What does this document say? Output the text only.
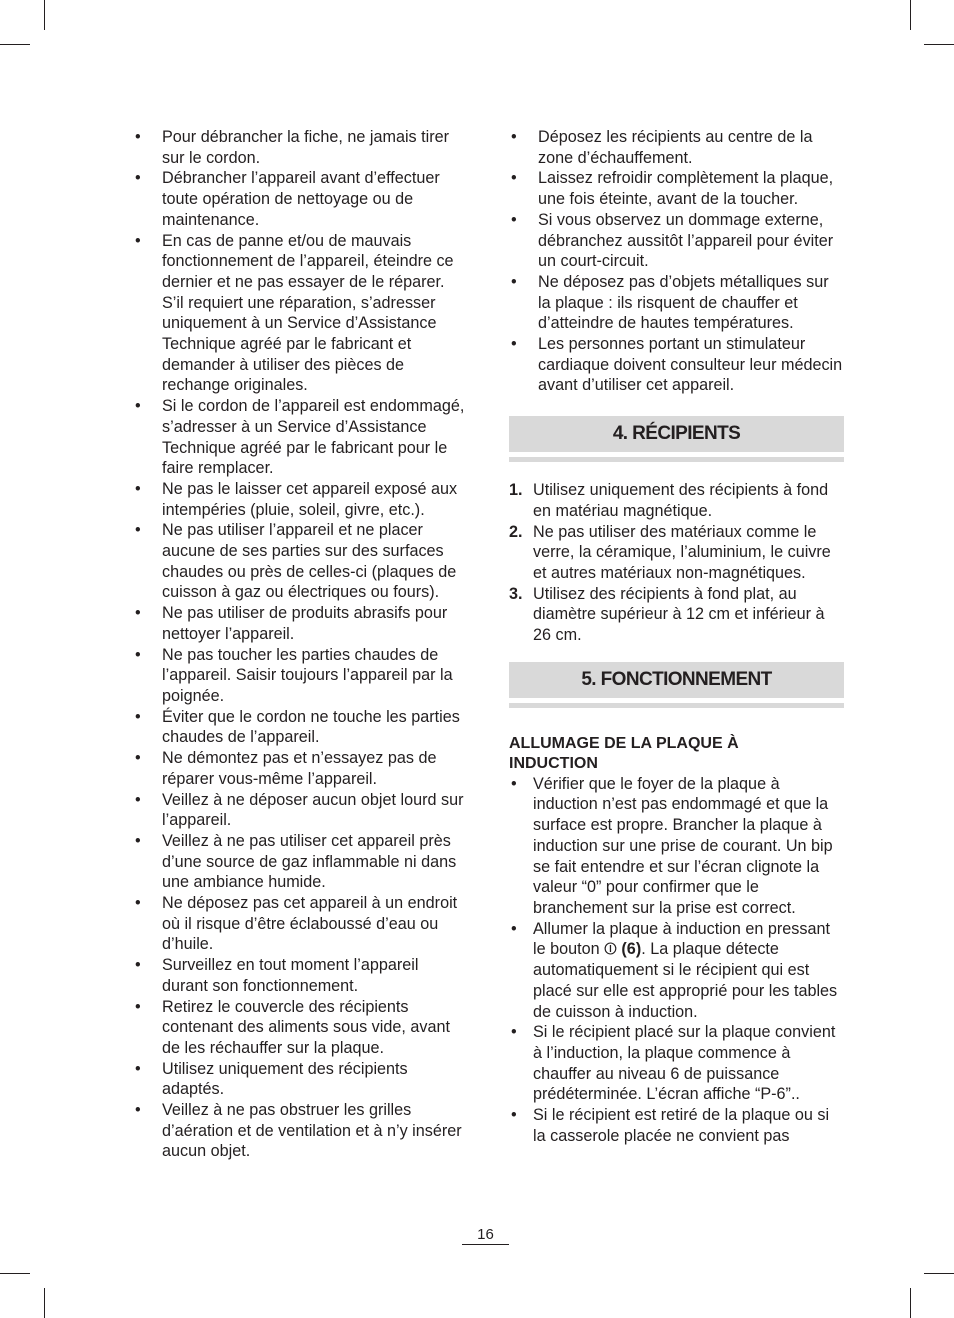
• Pour débrancher la fiche, ne jamais tirer sur le cordon.
• Débrancher l’appareil avant d’effectuer toute opération de nettoyage ou de maintenance.
• En cas de panne et/ou de mauvais fonctionnement de l’appareil, éteindre ce dernier et ne pas essayer de le réparer. S’il requiert une réparation, s’adresser uniquement à un Service d’Assistance Technique agréé par le fabricant et demander à utiliser des pièces de rechange originales.
• Si le cordon de l’appareil est endommagé, s’adresser à un Service d’Assistance Technique agréé par le fabricant pour le faire remplacer.
• Ne pas le laisser cet appareil exposé aux intempéries (pluie, soleil, givre, etc.).
• Ne pas utiliser l’appareil et ne placer aucune de ses parties sur des surfaces chaudes ou près de celles-ci (plaques de cuisson à gaz ou électriques ou fours).
• Ne pas utiliser de produits abrasifs pour nettoyer l’appareil.
• Ne pas toucher les parties chaudes de l’appareil. Saisir toujours l’appareil par la poignée.
• Éviter que le cordon ne touche les parties chaudes de l’appareil.
• Ne démontez pas et n’essayez pas de réparer vous-même l’appareil.
• Veillez à ne déposer aucun objet lourd sur l’appareil.
• Veillez à ne pas utiliser cet appareil près d’une source de gaz inflammable ni dans une ambiance humide.
• Ne déposez pas cet appareil à un endroit où il risque d’être éclaboussé d’eau ou d’huile.
• Surveillez en tout moment l’appareil durant son fonctionnement.
• Retirez le couvercle des récipients contenant des aliments sous vide, avant de les réchauffer sur la plaque.
• Utilisez uniquement des récipients adaptés.
• Veillez à ne pas obstruer les grilles d’aération et de ventilation et à n’y insérer aucun objet.
• Déposez les récipients au centre de la zone d’échauffement.
• Laissez refroidir complètement la plaque, une fois éteinte, avant de la toucher.
• Si vous observez un dommage externe, débranchez aussitôt l’appareil pour éviter un court-circuit.
• Ne déposez pas d’objets métalliques sur la plaque : ils risquent de chauffer et d’atteindre de hautes températures.
• Les personnes portant un stimulateur cardiaque doivent consulteur leur médecin avant d’utiliser cet appareil.
4. RÉCIPIENTS
1. Utilisez uniquement des récipients à fond en matériau magnétique.
2. Ne pas utiliser des matériaux comme le verre, la céramique, l’aluminium, le cuivre et autres matériaux non-magnétiques.
3. Utilisez des récipients à fond plat, au diamètre supérieur à 12 cm et inférieur à 26 cm.
5. FONCTIONNEMENT

ALLUMAGE DE LA PLAQUE À INDUCTION

• Vérifier que le foyer de la plaque à induction n’est pas endommagé et que la surface est propre. Brancher la plaque à induction sur une prise de courant. Un bip se fait entendre et sur l’écran clignote la valeur “0” pour confirmer que le branchement sur la prise est correct.
• Allumer la plaque à induction en pressant le bouton ⏼ (6). La plaque détecte automatiquement si le récipient qui est placé sur elle est approprié pour les tables de cuisson à induction.
• Si le récipient placé sur la plaque convient à l’induction, la plaque commence à chauffer au niveau 6 de puissance prédéterminée. L’écran affiche “P-6”..
• Si le récipient est retiré de la plaque ou si la casserole placée ne convient pas
16
